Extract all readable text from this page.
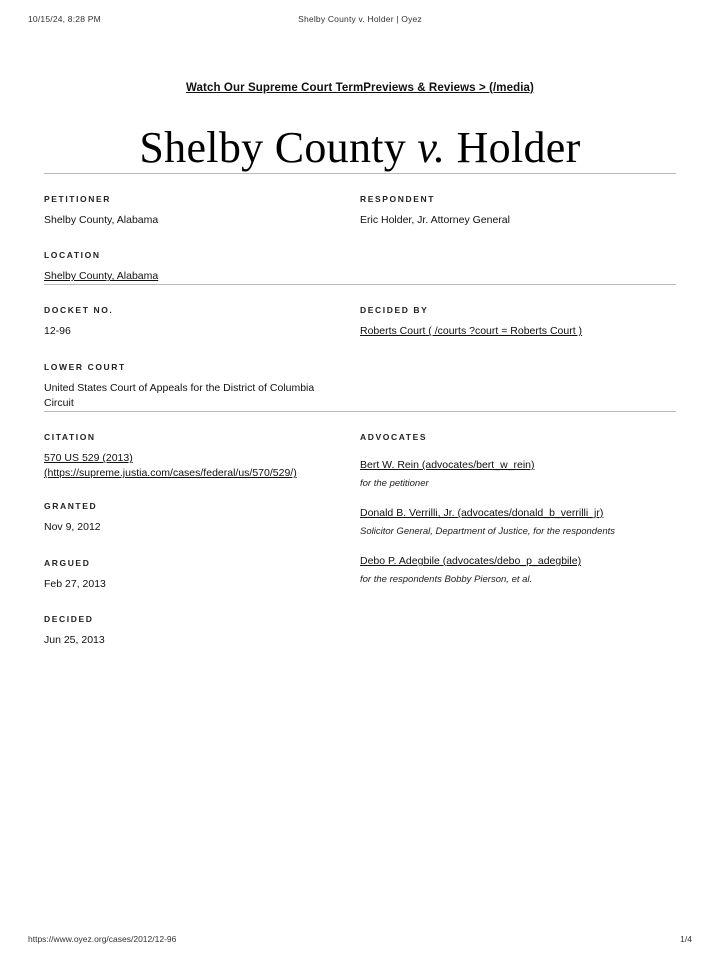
10/15/24, 8:28 PM	Shelby County v. Holder | Oyez
Watch Our Supreme Court TermPreviews & Reviews > (/media)
Shelby County v. Holder
PETITIONER
Shelby County, Alabama
LOCATION
Shelby County, Alabama
RESPONDENT
Eric Holder, Jr. Attorney General
DOCKET NO.
12-96
LOWER COURT
United States Court of Appeals for the District of Columbia Circuit
DECIDED BY
Roberts Court ( /courts ?court = Roberts Court )
CITATION
570 US 529 (2013)
(https://supreme.justia.com/cases/federal/us/570/529/)
GRANTED
Nov 9, 2012
ARGUED
Feb 27, 2013
DECIDED
Jun 25, 2013
ADVOCATES
Bert W. Rein (advocates/bert_w_rein)
for the petitioner
Donald B. Verrilli, Jr. (advocates/donald_b_verrilli_jr)
Solicitor General, Department of Justice, for the respondents
Debo P. Adegbile (advocates/debo_p_adegbile)
for the respondents Bobby Pierson, et al.
https://www.oyez.org/cases/2012/12-96	1/4
